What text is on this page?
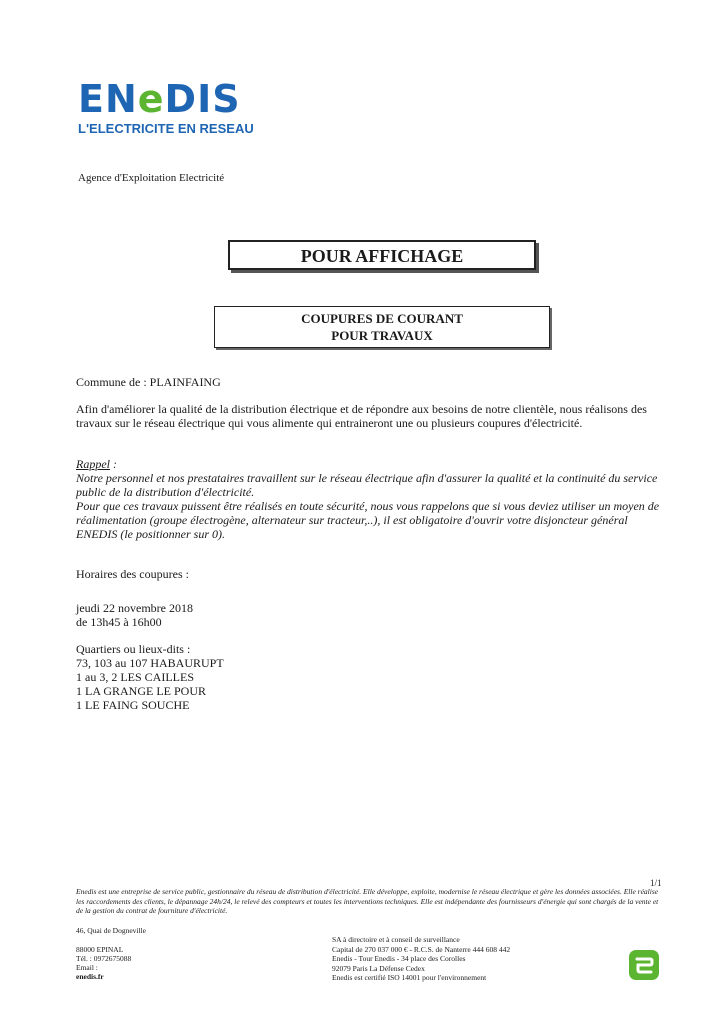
ENeDIS
L'ELECTRICITE EN RESEAU
Agence d'Exploitation Electricité
POUR AFFICHAGE
COUPURES DE COURANT
POUR TRAVAUX
Commune de : PLAINFAING
Afin d'améliorer la qualité de la distribution électrique et de répondre aux besoins de notre clientèle, nous réalisons des travaux sur le réseau électrique qui vous alimente qui entraineront une ou plusieurs coupures d'électricité.
Rappel :
Notre personnel et nos prestataires travaillent sur le réseau électrique afin d'assurer la qualité et la continuité du service public de la distribution d'électricité.
Pour que ces travaux puissent être réalisés en toute sécurité, nous vous rappelons que si vous deviez utiliser un moyen de réalimentation (groupe électrogène, alternateur sur tracteur,..), il est obligatoire d'ouvrir votre disjoncteur général ENEDIS (le positionner sur 0).
Horaires des coupures :
jeudi 22 novembre 2018
de 13h45 à 16h00
Quartiers ou lieux-dits :
73, 103 au 107 HABAURUPT
1 au 3, 2 LES CAILLES
1 LA GRANGE LE POUR
1 LE FAING SOUCHE
1/1
Enedis est une entreprise de service public, gestionnaire du réseau de distribution d'électricité. Elle développe, exploite, modernise le réseau électrique et gère les données associées. Elle réalise les raccordements des clients, le dépannage 24h/24, le relevé des compteurs et toutes les interventions techniques. Elle est indépendante des fournisseurs d'énergie qui sont chargés de la vente et de la gestion du contrat de fourniture d'électricité.
46, Quai de Dogneville
88000 EPINAL
Tél. : 0972675088
Email :
enedis.fr
SA à directoire et à conseil de surveillance
Capital de 270 037 000 € - R.C.S. de Nanterre 444 608 442
Enedis - Tour Enedis - 34 place des Corolles
92079 Paris La Défense Cedex
Enedis est certifié ISO 14001 pour l'environnement
